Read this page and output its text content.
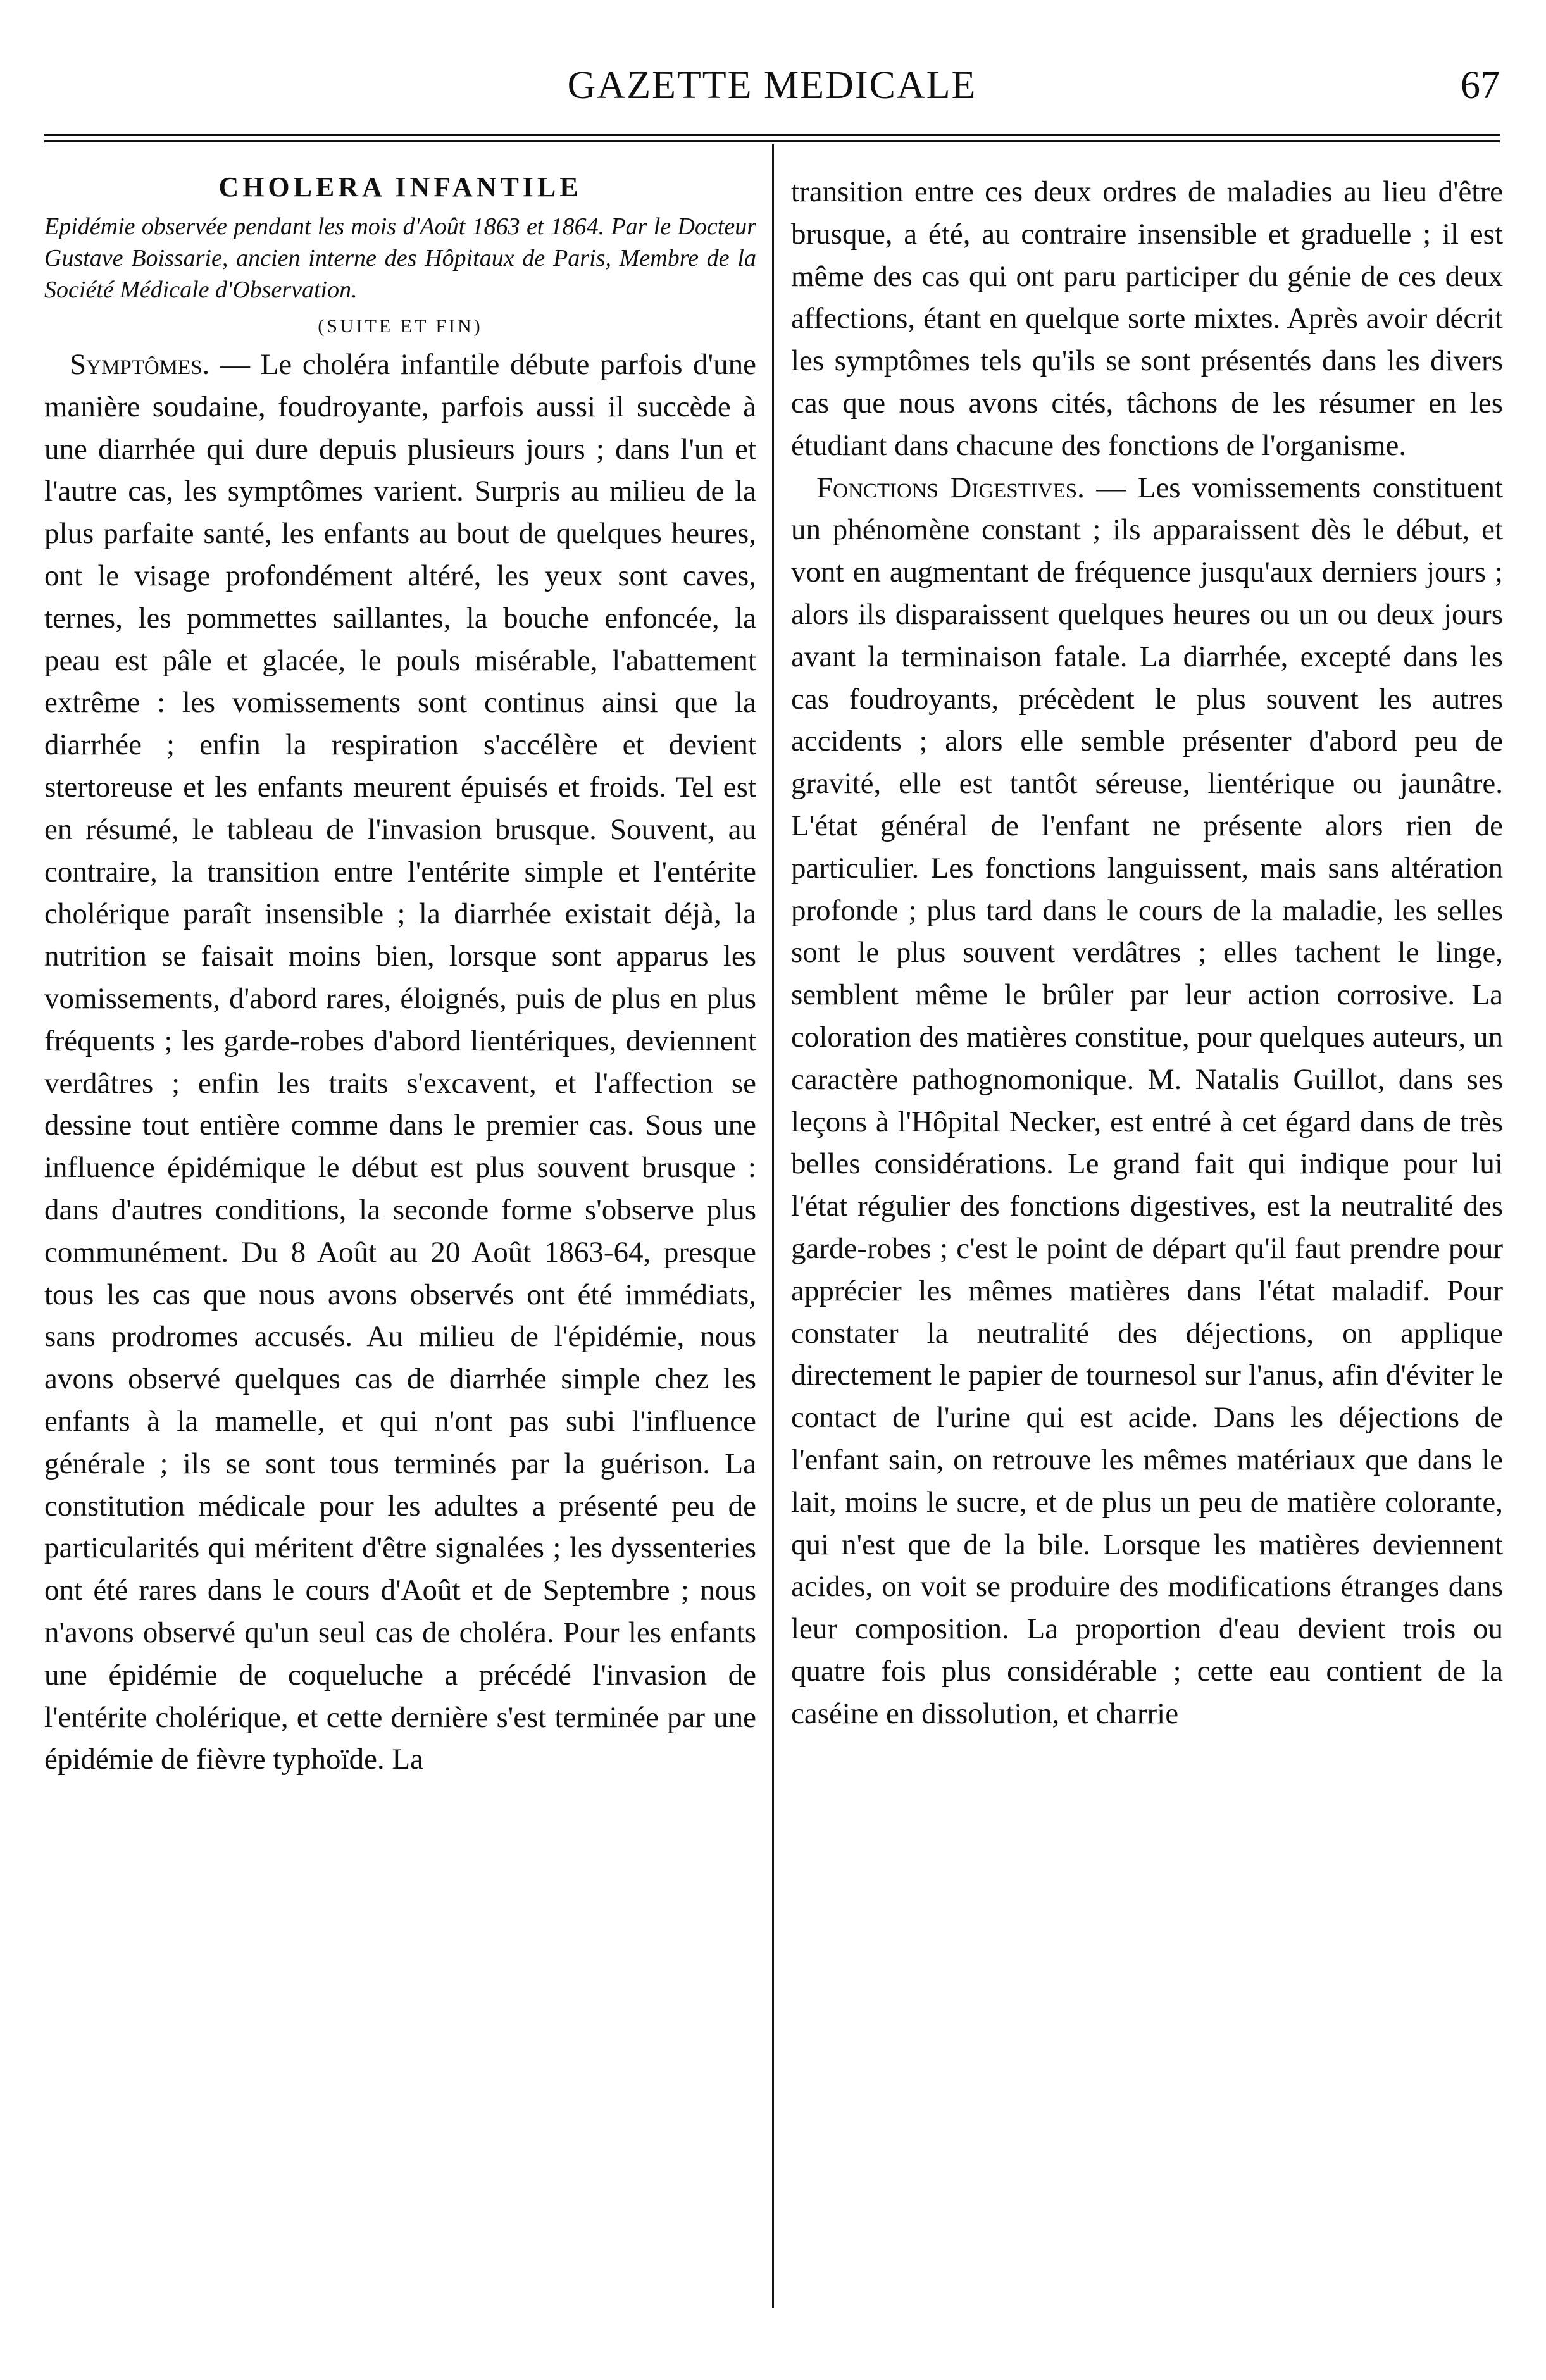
GAZETTE MEDICALE	67
CHOLERA INFANTILE

Epidémie observée pendant les mois d'Août 1863 et 1864. Par le Docteur Gustave Boissarie, ancien interne des Hôpitaux de Paris, Membre de la Société Médicale d'Observation.

(SUITE ET FIN)

Symptômes. — Le choléra infantile débute parfois d'une manière soudaine, foudroyante, parfois aussi il succède à une diarrhée qui dure depuis plusieurs jours ; dans l'un et l'autre cas, les symptômes varient. Surpris au milieu de la plus parfaite santé, les enfants au bout de quelques heures, ont le visage profondément altéré, les yeux sont caves, ternes, les pommettes saillantes, la bouche enfoncée, la peau est pâle et glacée, le pouls misérable, l'abattement extrême : les vomissements sont continus ainsi que la diarrhée ; enfin la respiration s'accélère et devient stertoreuse et les enfants meurent épuisés et froids. Tel est en résumé, le tableau de l'invasion brusque. Souvent, au contraire, la transition entre l'entérite simple et l'entérite cholérique paraît insensible ; la diarrhée existait déjà, la nutrition se faisait moins bien, lorsque sont apparus les vomissements, d'abord rares, éloignés, puis de plus en plus fréquents ; les garde-robes d'abord lientériques, deviennent verdâtres ; enfin les traits s'excavent, et l'affection se dessine tout entière comme dans le premier cas. Sous une influence épidémique le début est plus souvent brusque : dans d'autres conditions, la seconde forme s'observe plus communément. Du 8 Août au 20 Août 1863-64, presque tous les cas que nous avons observés ont été immédiats, sans prodromes accusés. Au milieu de l'épidémie, nous avons observé quelques cas de diarrhée simple chez les enfants à la mamelle, et qui n'ont pas subi l'influence générale ; ils se sont tous terminés par la guérison. La constitution médicale pour les adultes a présenté peu de particularités qui méritent d'être signalées ; les dyssenteries ont été rares dans le cours d'Août et de Septembre ; nous n'avons observé qu'un seul cas de choléra. Pour les enfants une épidémie de coqueluche a précédé l'invasion de l'entérite cholérique, et cette dernière s'est terminée par une épidémie de fièvre typhoïde. La

transition entre ces deux ordres de maladies au lieu d'être brusque, a été, au contraire insensible et graduelle ; il est même des cas qui ont paru participer du génie de ces deux affections, étant en quelque sorte mixtes. Après avoir décrit les symptômes tels qu'ils se sont présentés dans les divers cas que nous avons cités, tâchons de les résumer en les étudiant dans chacune des fonctions de l'organisme.

Fonctions Digestives. — Les vomissements constituent un phénomène constant ; ils apparaissent dès le début, et vont en augmentant de fréquence jusqu'aux derniers jours ; alors ils disparaissent quelques heures ou un ou deux jours avant la terminaison fatale. La diarrhée, excepté dans les cas foudroyants, précèdent le plus souvent les autres accidents ; alors elle semble présenter d'abord peu de gravité, elle est tantôt séreuse, lientérique ou jaunâtre. L'état général de l'enfant ne présente alors rien de particulier. Les fonctions languissent, mais sans altération profonde ; plus tard dans le cours de la maladie, les selles sont le plus souvent verdâtres ; elles tachent le linge, semblent même le brûler par leur action corrosive. La coloration des matières constitue, pour quelques auteurs, un caractère pathognomonique. M. Natalis Guillot, dans ses leçons à l'Hôpital Necker, est entré à cet égard dans de très belles considérations. Le grand fait qui indique pour lui l'état régulier des fonctions digestives, est la neutralité des garde-robes ; c'est le point de départ qu'il faut prendre pour apprécier les mêmes matières dans l'état maladif. Pour constater la neutralité des déjections, on applique directement le papier de tournesol sur l'anus, afin d'éviter le contact de l'urine qui est acide. Dans les déjections de l'enfant sain, on retrouve les mêmes matériaux que dans le lait, moins le sucre, et de plus un peu de matière colorante, qui n'est que de la bile. Lorsque les matières deviennent acides, on voit se produire des modifications étranges dans leur composition. La proportion d'eau devient trois ou quatre fois plus considérable ; cette eau contient de la caséine en dissolution, et charrie
